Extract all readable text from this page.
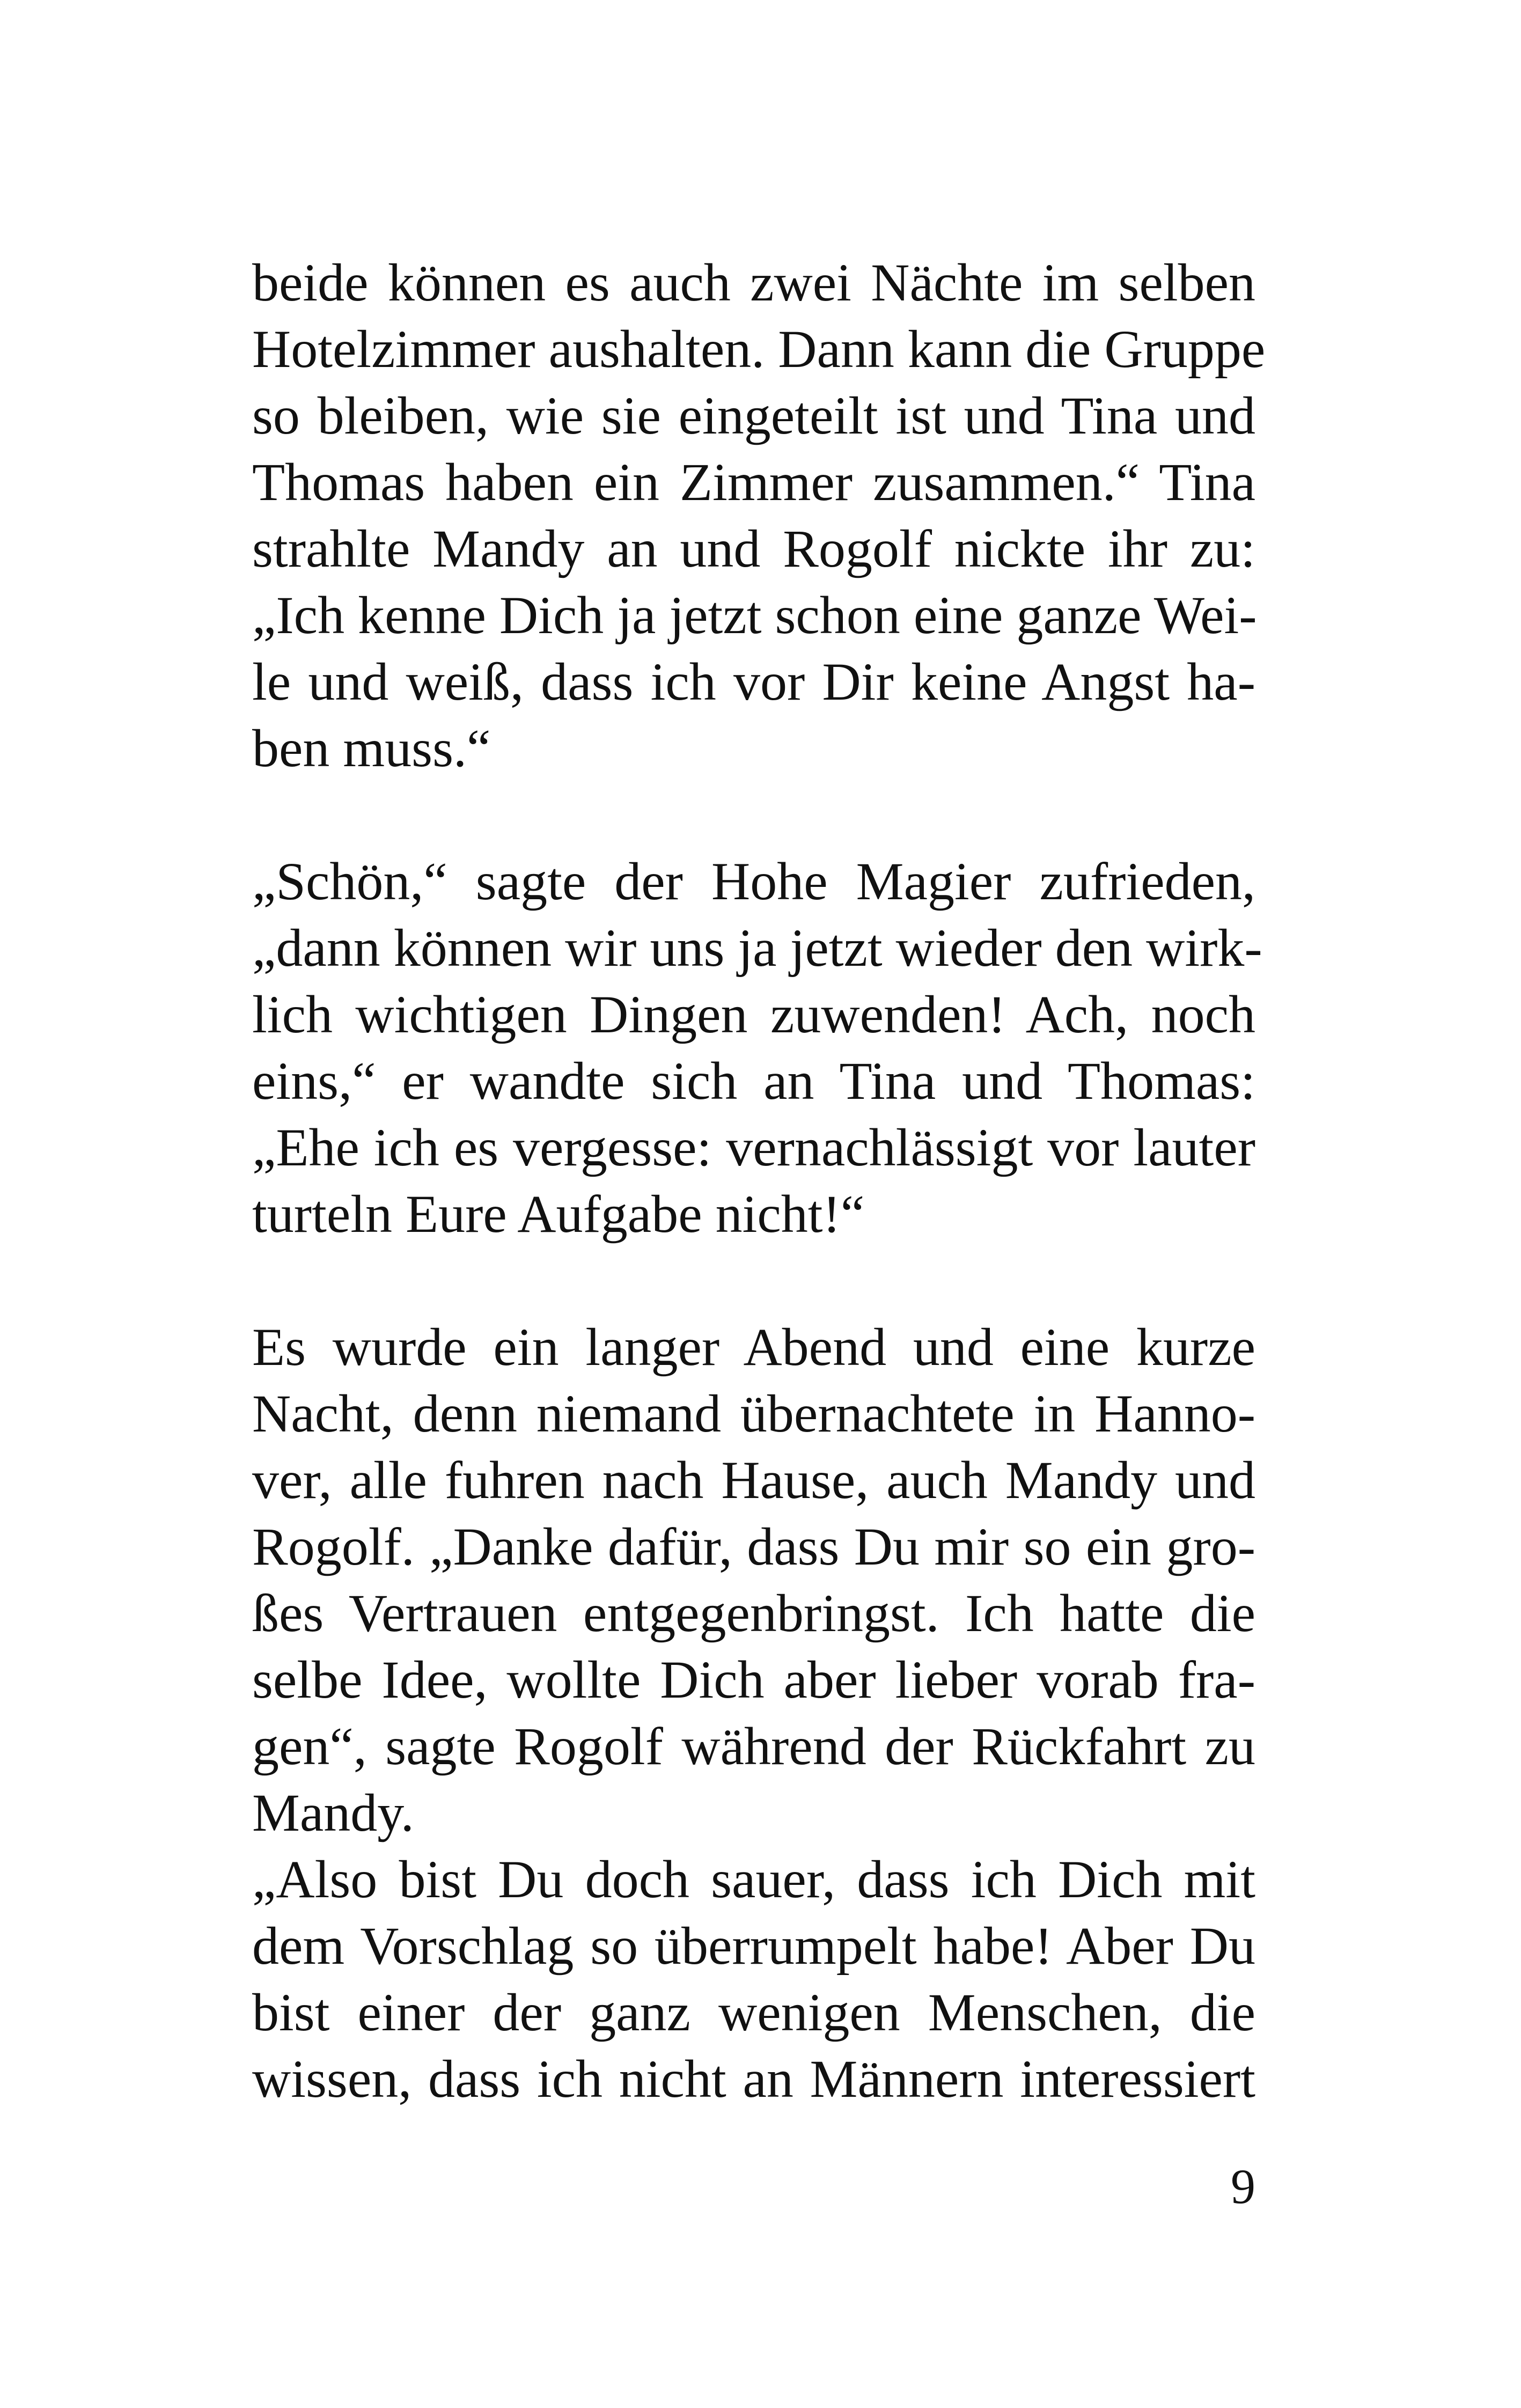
beide können es auch zwei Nächte im selben
Hotelzimmer aushalten. Dann kann die Gruppe
so bleiben, wie sie eingeteilt ist und Tina und
Thomas haben ein Zimmer zusammen.“ Tina
strahlte Mandy an und Rogolf nickte ihr zu:
„Ich kenne Dich ja jetzt schon eine ganze Wei-
le und weiß, dass ich vor Dir keine Angst ha-
ben muss.“
„Schön,“ sagte der Hohe Magier zufrieden,
„dann können wir uns ja jetzt wieder den wirk-
lich wichtigen Dingen zuwenden! Ach, noch
eins,“ er wandte sich an Tina und Thomas:
„Ehe ich es vergesse: vernachlässigt vor lauter
turteln Eure Aufgabe nicht!“
Es wurde ein langer Abend und eine kurze
Nacht, denn niemand übernachtete in Hanno-
ver, alle fuhren nach Hause, auch Mandy und
Rogolf. „Danke dafür, dass Du mir so ein gro-
ßes Vertrauen entgegenbringst. Ich hatte die
selbe Idee, wollte Dich aber lieber vorab fra-
gen“, sagte Rogolf während der Rückfahrt zu
Mandy.
„Also bist Du doch sauer, dass ich Dich mit
dem Vorschlag so überrumpelt habe! Aber Du
bist einer der ganz wenigen Menschen, die
wissen, dass ich nicht an Männern interessiert
9
